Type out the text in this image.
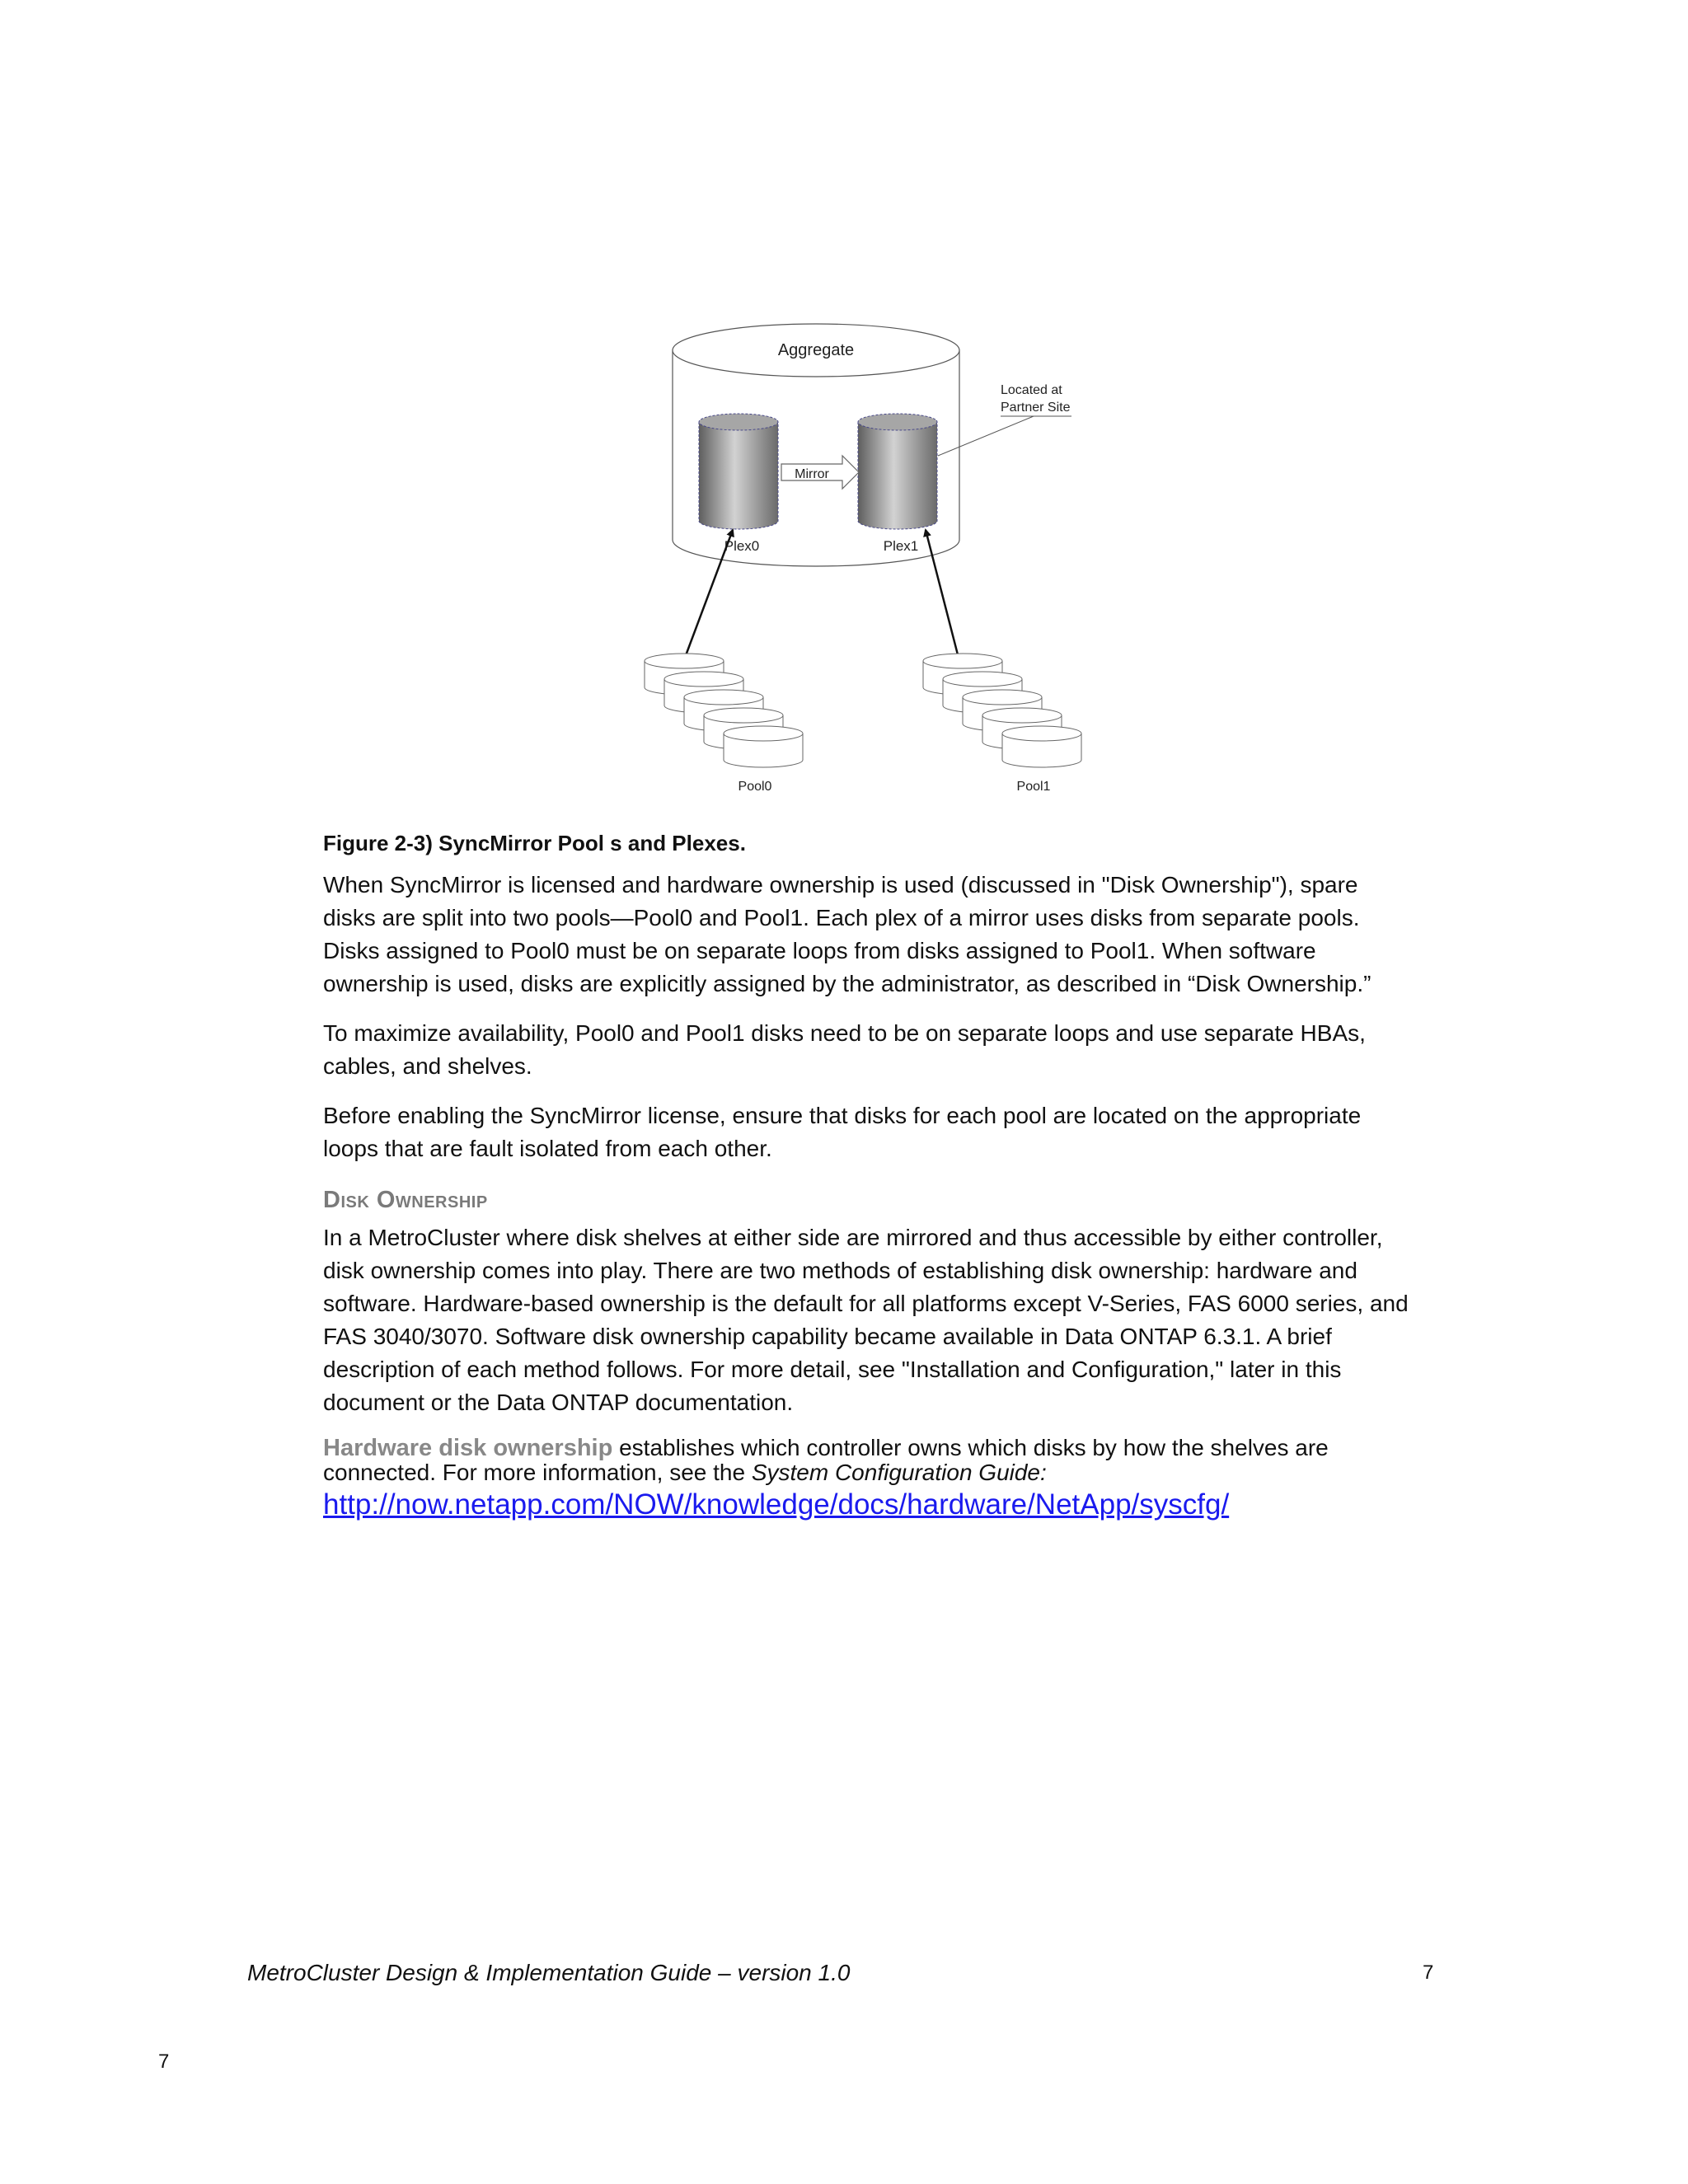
Aggregate
Located at
Partner Site
Mirror
Plex0	Plex1
Pool0	Pool1

Figure 2-3) SyncMirror Pool s and Plexes.

When SyncMirror is licensed and hardware ownership is used (discussed in "Disk Ownership"), spare disks are split into two pools—Pool0 and Pool1. Each plex of a mirror uses disks from separate pools. Disks assigned to Pool0 must be on separate loops from disks assigned to Pool1. When software ownership is used, disks are explicitly assigned by the administrator, as described in “Disk Ownership.”

To maximize availability, Pool0 and Pool1 disks need to be on separate loops and use separate HBAs, cables, and shelves.

Before enabling the SyncMirror license, ensure that disks for each pool are located on the appropriate loops that are fault isolated from each other.

Disk Ownership

In a MetroCluster where disk shelves at either side are mirrored and thus accessible by either controller, disk ownership comes into play. There are two methods of establishing disk ownership: hardware and software. Hardware-based ownership is the default for all platforms except V-Series, FAS 6000 series, and FAS 3040/3070. Software disk ownership capability became available in Data ONTAP 6.3.1. A brief description of each method follows. For more detail, see "Installation and Configuration," later in this document or the Data ONTAP documentation.

Hardware disk ownership establishes which controller owns which disks by how the shelves are connected. For more information, see the System Configuration Guide:

http://now.netapp.com/NOW/knowledge/docs/hardware/NetApp/syscfg/

MetroCluster Design & Implementation Guide – version 1.0	7

7
